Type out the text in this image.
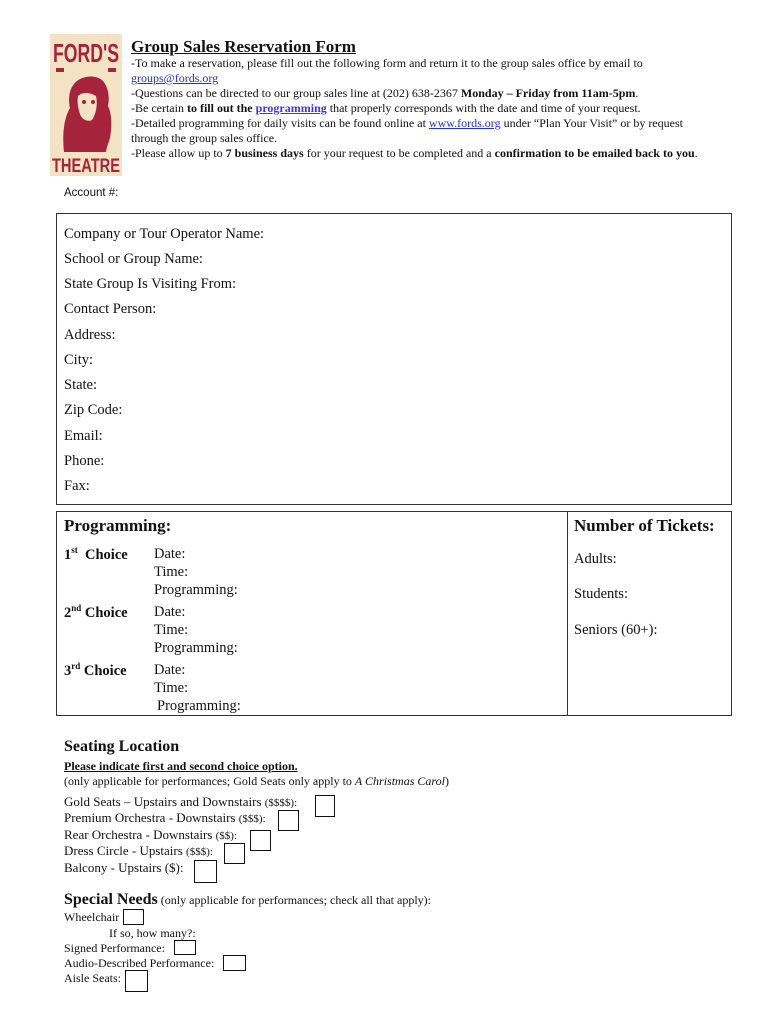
FORD'S
THEATRE
Group Sales Reservation Form
-To make a reservation, please fill out the following form and return it to the group sales office by email to
groups@fords.org
-Questions can be directed to our group sales line at (202) 638-2367 Monday – Friday from 11am-5pm.
-Be certain to fill out the programming that properly corresponds with the date and time of your request.
-Detailed programming for daily visits can be found online at www.fords.org under “Plan Your Visit” or by request
through the group sales office.
-Please allow up to 7 business days for your request to be completed and a confirmation to be emailed back to you.
Account #:
Company or Tour Operator Name:
School or Group Name:
State Group Is Visiting From:
Contact Person:
Address:
City:
State:
Zip Code:
Email:
Phone:
Fax:
Programming:	Number of Tickets:
1st Choice Date:
Time:
Programming:
2nd Choice Date:
Time:
Programming:
3rd Choice Date:
Time:
Programming:
Adults:
Students:
Seniors (60+):
Seating Location
Please indicate first and second choice option.
(only applicable for performances; Gold Seats only apply to A Christmas Carol)
Gold Seats – Upstairs and Downstairs ($$$$):
Premium Orchestra - Downstairs ($$$):
Rear Orchestra - Downstairs ($$):
Dress Circle - Upstairs ($$$):
Balcony - Upstairs ($):
Special Needs (only applicable for performances; check all that apply):
Wheelchair
If so, how many?:
Signed Performance:
Audio-Described Performance:
Aisle Seats:
